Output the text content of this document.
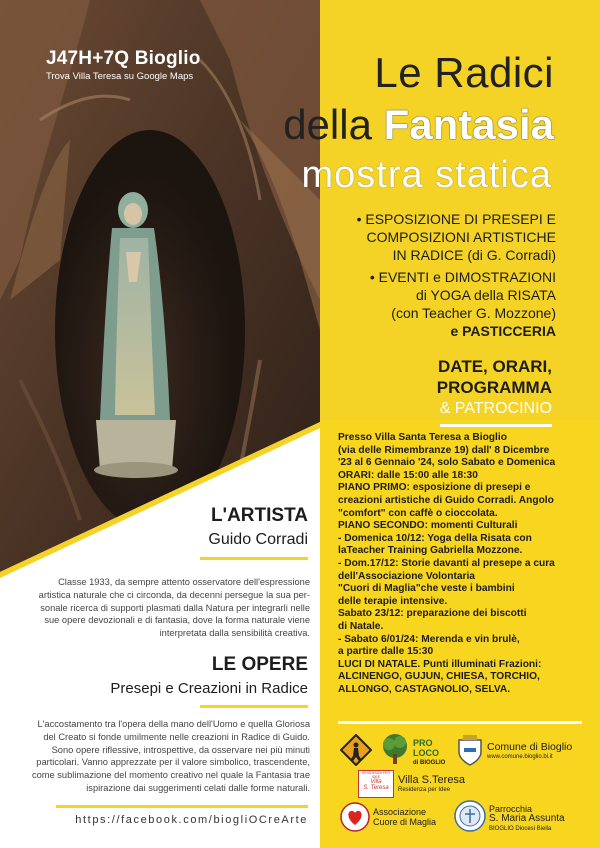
J47H+7Q Bioglio
Trova Villa Teresa su Google Maps	Le Radici
della Fantasia
mostra statica
• ESPOSIZIONE DI PRESEPI E
COMPOSIZIONI ARTISTICHE
IN RADICE (di G. Corradi)
• EVENTI e DIMOSTRAZIONI
di YOGA della RISATA
(con Teacher G. Mozzone)
e PASTICCERIA
DATE, ORARI,
PROGRAMMA
& PATROCINIO
Presso Villa Santa Teresa a Bioglio
(via delle Rimembranze 19) dall' 8 Dicembre
'23 al 6 Gennaio '24, solo Sabato e Domenica
ORARI: dalle 15:00 alle 18:30
PIANO PRIMO: esposizione di presepi e
creazioni artistiche di Guido Corradi. Angolo
"comfort" con caffè o cioccolata.
PIANO SECONDO: momenti Culturali
- Domenica 10/12: Yoga della Risata con
laTeacher Training Gabriella Mozzone.
- Dom.17/12: Storie davanti al presepe a cura
dell'Associazione Volontaria
"Cuori di Maglia"che veste i bambini
delle terapie intensive.
Sabato 23/12: preparazione dei biscotti
di Natale.
- Sabato 6/01/24: Merenda e vin brulè,
a partire dalle 15:30
LUCI DI NATALE. Punti illuminati Frazioni:
ALCINENGO, GUJUN, CHIESA, TORCHIO,
ALLONGO, CASTAGNOLIO, SELVA.
L'ARTISTA
Guido Corradi
Classe 1933, da sempre attento osservatore dell'espressione
artistica naturale che ci circonda, da decenni persegue la sua per-
sonale ricerca di supporti plasmati dalla Natura per integrarli nelle
sue opere devozionali e di fantasia, dove la forma naturale viene
interpretata dalla sensibilità creativa.
LE OPERE
Presepi e Creazioni in Radice
L'accostamento tra l'opera della mano dell'Uomo e quella Gloriosa
del Creato si fonde umilmente nelle creazioni in Radice di Guido.
Sono opere riflessive, introspettive, da osservare nei più minuti
particolari. Vanno apprezzate per il valore simbolico, trascendente,
come sublimazione del momento creativo nel quale la Fantasia trae
ispirazione dai suggerimenti celati dalle forme naturali.
https://facebook.com/biogliOCreArte
PRO
LOCO
di BIOGLIO
Comune di Bioglio
www.comune.bioglio.bi.it
RESIDENZA PER IDEE
Villa
S. Teresa
Villa S.Teresa
Residenza per Idee
Associazione
Cuore di Maglia
Parrocchia
S. Maria Assunta
BIOGLIO Diocesi Biella
